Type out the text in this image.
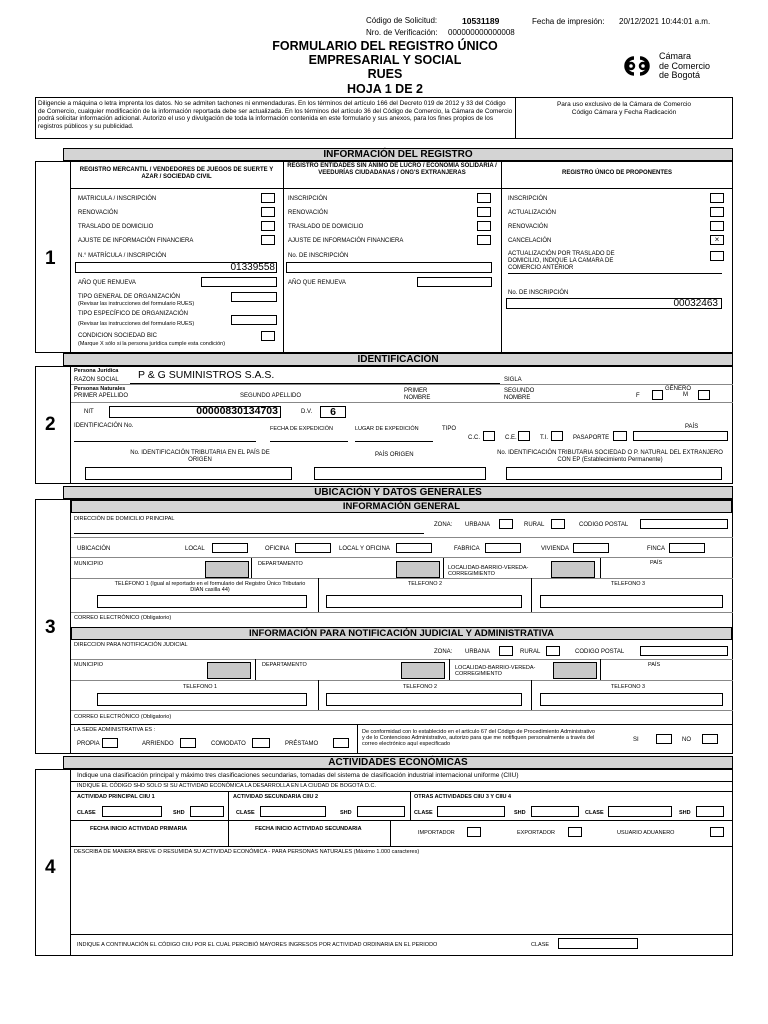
Código de Solicitud:	10531189	Fecha de impresión: 20/12/2021 10:44:01 a.m.
Nro. de Verificación: 000000000000008
FORMULARIO DEL REGISTRO ÚNICO
EMPRESARIAL Y SOCIAL
RUES
HOJA 1 DE 2
Cámara
de Comercio
de Bogotá
Diligencie a máquina o letra imprenta los datos. No se admiten tachones ni enmendaduras. En los términos del artículo 166 del Decreto 019 de 2012 y 33 del Código de Comercio, cualquier modificación de la información reportada debe ser actualizada. En los términos del artículo 36 del Código de Comercio, la Cámara de Comercio podrá solicitar información adicional. Autorizo el uso y divulgación de toda la información contenida en este formulario y sus anexos, para los fines propios de los registros públicos y su publicidad.
Para uso exclusivo de la Cámara de Comercio
Código Cámara y Fecha Radicación
INFORMACIÓN DEL REGISTRO
1
REGISTRO MERCANTIL / VENDEDORES DE JUEGOS DE SUERTE Y AZAR / SOCIEDAD CIVIL
REGISTRO ENTIDADES SIN ÁNIMO DE LUCRO / ECONOMÍA SOLIDARIA / VEEDURÍAS CIUDADANAS / ONG'S EXTRANJERAS	REGISTRO ÚNICO DE PROPONENTES
MATRICULA / INSCRIPCIÓN
RENOVACIÓN
TRASLADO DE DOMICILIO
AJUSTE DE INFORMACIÓN FINANCIERA
INSCRIPCIÓN
RENOVACIÓN
TRASLADO DE DOMICILIO
AJUSTE DE INFORMACIÓN FINANCIERA
INSCRIPCIÓN
ACTUALIZACIÓN
RENOVACIÓN
CANCELACIÓN	×
ACTUALIZACIÓN POR TRASLADO DE DOMICILIO, INDIQUE LA CAMARA DE COMERCIO ANTERIOR
N.° MATRÍCULA / INSCRIPCIÓN
01339558
No. DE INSCRIPCIÓN
AÑO QUE RENUEVA	AÑO QUE RENUEVA
No. DE INSCRIPCIÓN
00032463
TIPO GENERAL DE ORGANIZACIÓN
(Revisar las instrucciones del formulario RUES)
TIPO ESPECÍFICO DE ORGANIZACIÓN
(Revisar las instrucciones del formulario RUES)
CONDICION SOCIEDAD BIC
(Marque X sólo si la persona jurídica cumple esta condición)
IDENTIFICACIÓN
2
Persona Jurídica
RAZON SOCIAL P & G SUMINISTROS S.A.S.	SIGLA
Personas Naturales
PRIMER APELLIDO	SEGUNDO APELLIDO
PRIMER NOMBRE
SEGUNDO NOMBRE
GÉNERO
F	M
NIT	00000830134703	D.V.	6
IDENTIFICACIÓN No.	FECHA DE EXPEDICIÓN	LUGAR DE EXPEDICIÓN	TIPO
C.C.	C.E.	T.I.	PASAPORTE
PAÍS
No. IDENTIFICACIÓN TRIBUTARIA EN EL PAÍS DE ORIGEN
PAÍS ORIGEN	No. IDENTIFICACIÓN TRIBUTARIA SOCIEDAD O P. NATURAL DEL EXTRANJERO CON EP (Establecimiento Permanente)
UBICACIÓN Y DATOS GENERALES
3
INFORMACIÓN GENERAL
DIRECCIÓN DE DOMICILIO PRINCIPAL
ZONA: URBANA	RURAL	CODIGO POSTAL
UBICACIÓN	LOCAL	OFICINA	LOCAL Y OFICINA	FABRICA	VIVIENDA	FINCA
MUNICIPIO	DEPARTAMENTO
LOCALIDAD-BARRIO-VEREDA-CORREGIMIENTO
PAÍS
TELÉFONO 1 (Igual al reportado en el formulario del Registro Único Tributario DIAN casilla 44)
TELEFONO 2	TELEFONO 3
CORREO ELECTRÓNICO (Obligatorio)
INFORMACIÓN PARA NOTIFICACIÓN JUDICIAL Y ADMINISTRATIVA
DIRECCION PARA NOTIFICACIÓN JUDICIAL
ZONA: URBANA	RURAL	CODIGO POSTAL
MUNICIPIO	DEPARTAMENTO	LOCALIDAD-BARRIO-VEREDA-CORREGIMIENTO
PAÍS
TELEFONO 1	TELEFONO 2	TELEFONO 3
CORREO ELECTRÓNICO (Obligatorio)
LA SEDE ADMINISTRATIVA ES :
PROPIA	ARRIENDO	COMODATO	PRÉSTAMO
De conformidad con lo establecido en el artículo 67 del Código de Procedimiento Administrativo y de lo Contencioso Administrativo, autorizo para que me notifiquen personalmente a través del correo electrónico aquí especificado
SI	NO
ACTIVIDADES ECONÓMICAS
4
Indique una clasificación principal y máximo tres clasificaciones secundarias, tomadas del sistema de clasificación industrial internacional uniforme (CIIU)
INDIQUE EL CÓDIGO SHD SOLO SI SU ACTIVIDAD ECONÓMICA LA DESARROLLA EN LA CIUDAD DE BOGOTÁ D.C.
ACTIVIDAD PRINCIPAL CIIU 1	ACTIVIDAD SECUNDARIA CIIU 2	OTRAS ACTIVIDADES CIIU 3 Y CIIU 4
CLASE	SHD	CLASE	SHD	CLASE	SHD	CLASE	SHD
FECHA INICIO ACTIVIDAD PRIMARIA	FECHA INICIO ACTIVIDAD SECUNDARIA
IMPORTADOR	EXPORTADOR	USUARIO ADUANERO
DESCRIBA DE MANERA BREVE O RESUMIDA SU ACTIVIDAD ECONÓMICA - PARA PERSONAS NATURALES (Máximo 1.000 caracteres)
INDIQUE A CONTINUACIÓN EL CÓDIGO CIIU POR EL CUAL PERCIBIÓ MAYORES INGRESOS POR ACTIVIDAD ORDINARIA EN EL PERIODO	CLASE
